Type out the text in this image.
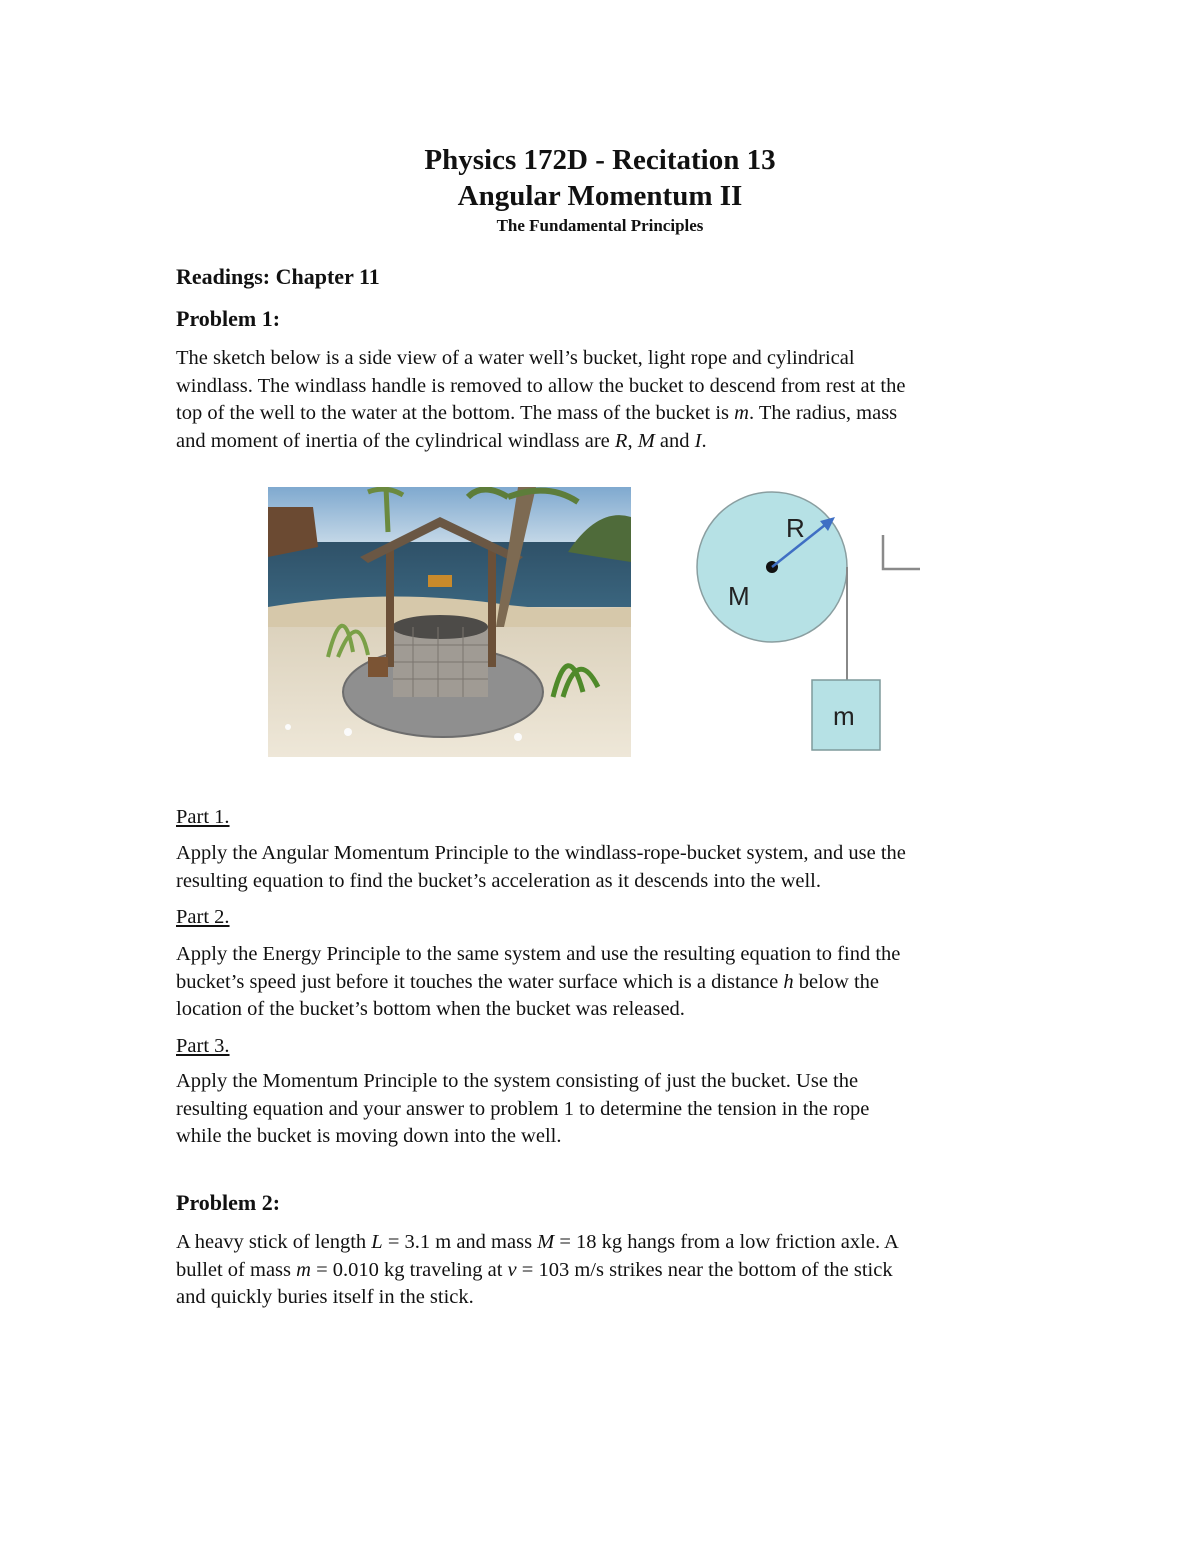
Physics 172D - Recitation 13
Angular Momentum II
The Fundamental Principles
Readings: Chapter 11
Problem 1:

The sketch below is a side view of a water well’s bucket, light rope and cylindrical
windlass. The windlass handle is removed to allow the bucket to descend from rest at the
top of the well to the water at the bottom. The mass of the bucket is m. The radius, mass
and moment of inertia of the cylindrical windlass are R, M and I.

R
M
m
Part 1.

Apply the Angular Momentum Principle to the windlass-rope-bucket system, and use the
resulting equation to find the bucket’s acceleration as it descends into the well.

Part 2.

Apply the Energy Principle to the same system and use the resulting equation to find the
bucket’s speed just before it touches the water surface which is a distance h below the
location of the bucket’s bottom when the bucket was released.

Part 3.

Apply the Momentum Principle to the system consisting of just the bucket. Use the
resulting equation and your answer to problem 1 to determine the tension in the rope
while the bucket is moving down into the well.

Problem 2:

A heavy stick of length L = 3.1 m and mass M = 18 kg hangs from a low friction axle. A
bullet of mass m = 0.010 kg traveling at v = 103 m/s strikes near the bottom of the stick
and quickly buries itself in the stick.
